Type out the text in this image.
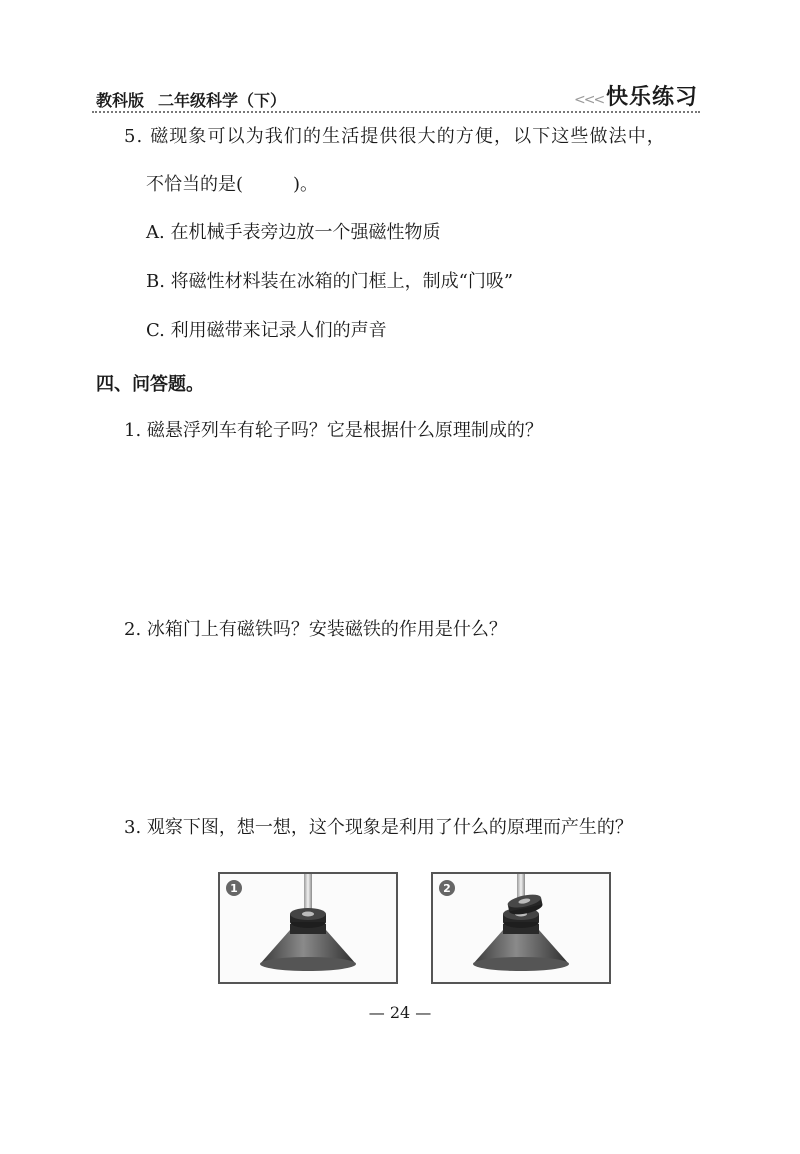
教科版 二年级科学（下）	<<< 快乐练习
5. 磁现象可以为我们的生活提供很大的方便，以下这些做法中，
不恰当的是(	)。
A. 在机械手表旁边放一个强磁性物质
B. 将磁性材料装在冰箱的门框上，制成“门吸”
C. 利用磁带来记录人们的声音
四、问答题。
1. 磁悬浮列车有轮子吗？它是根据什么原理制成的？
2. 冰箱门上有磁铁吗？安装磁铁的作用是什么？
3. 观察下图，想一想，这个现象是利用了什么的原理而产生的？
1	2
— 24 —
